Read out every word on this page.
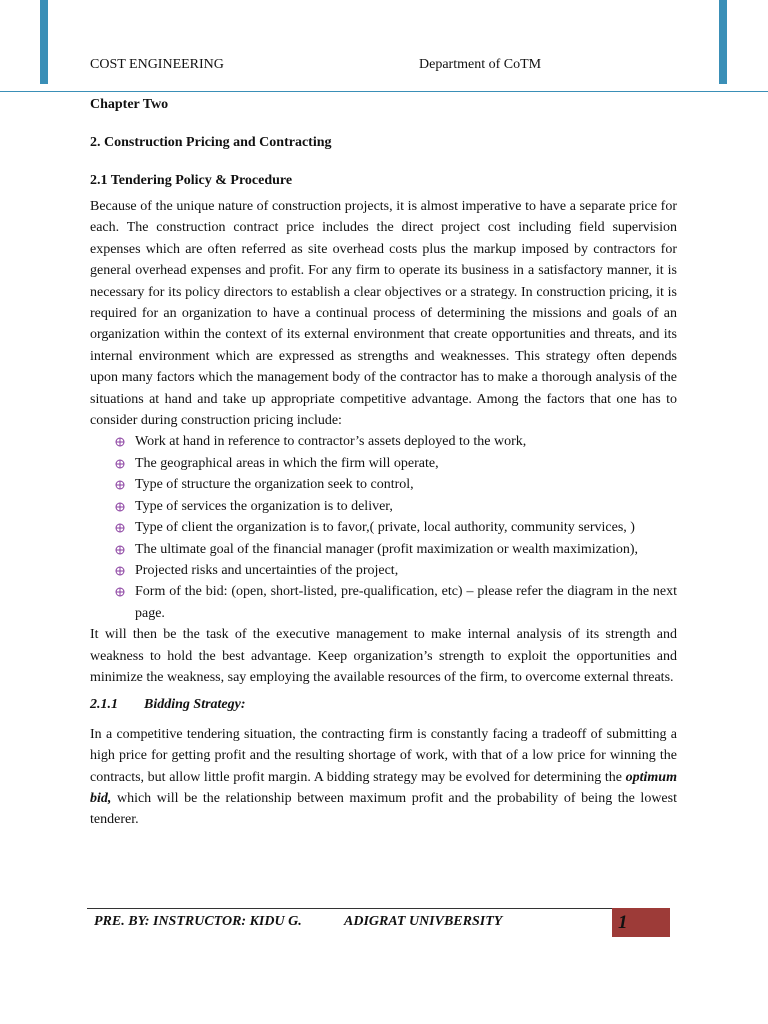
COST ENGINEERING	Department of CoTM
Chapter Two
2. Construction Pricing and Contracting
2.1 Tendering Policy & Procedure

Because of the unique nature of construction projects, it is almost imperative to have a separate price for each. The construction contract price includes the direct project cost including field supervision expenses which are often referred as site overhead costs plus the markup imposed by contractors for general overhead expenses and profit. For any firm to operate its business in a satisfactory manner, it is necessary for its policy directors to establish a clear objectives or a strategy. In construction pricing, it is required for an organization to have a continual process of determining the missions and goals of an organization within the context of its external environment that create opportunities and threats, and its internal environment which are expressed as strengths and weaknesses. This strategy often depends upon many factors which the management body of the contractor has to make a thorough analysis of the situations at hand and take up appropriate competitive advantage. Among the factors that one has to consider during construction pricing include:

Work at hand in reference to contractor’s assets deployed to the work,
The geographical areas in which the firm will operate,
Type of structure the organization seek to control,
Type of services the organization is to deliver,
Type of client the organization is to favor,( private, local authority, community services, )
The ultimate goal of the financial manager (profit maximization or wealth maximization),
Projected risks and uncertainties of the project,
Form of the bid: (open, short-listed, pre-qualification, etc) – please refer the diagram in the next page.

It will then be the task of the executive management to make internal analysis of its strength and weakness to hold the best advantage. Keep organization’s strength to exploit the opportunities and minimize the weakness, say employing the available resources of the firm, to overcome external threats.

2.1.1 Bidding Strategy:

In a competitive tendering situation, the contracting firm is constantly facing a tradeoff of submitting a high price for getting profit and the resulting shortage of work, with that of a low price for winning the contracts, but allow little profit margin. A bidding strategy may be evolved for determining the optimum bid, which will be the relationship between maximum profit and the probability of being the lowest tenderer.

PRE. BY: INSTRUCTOR: KIDU G.	ADIGRAT UNIVBERSITY	1
